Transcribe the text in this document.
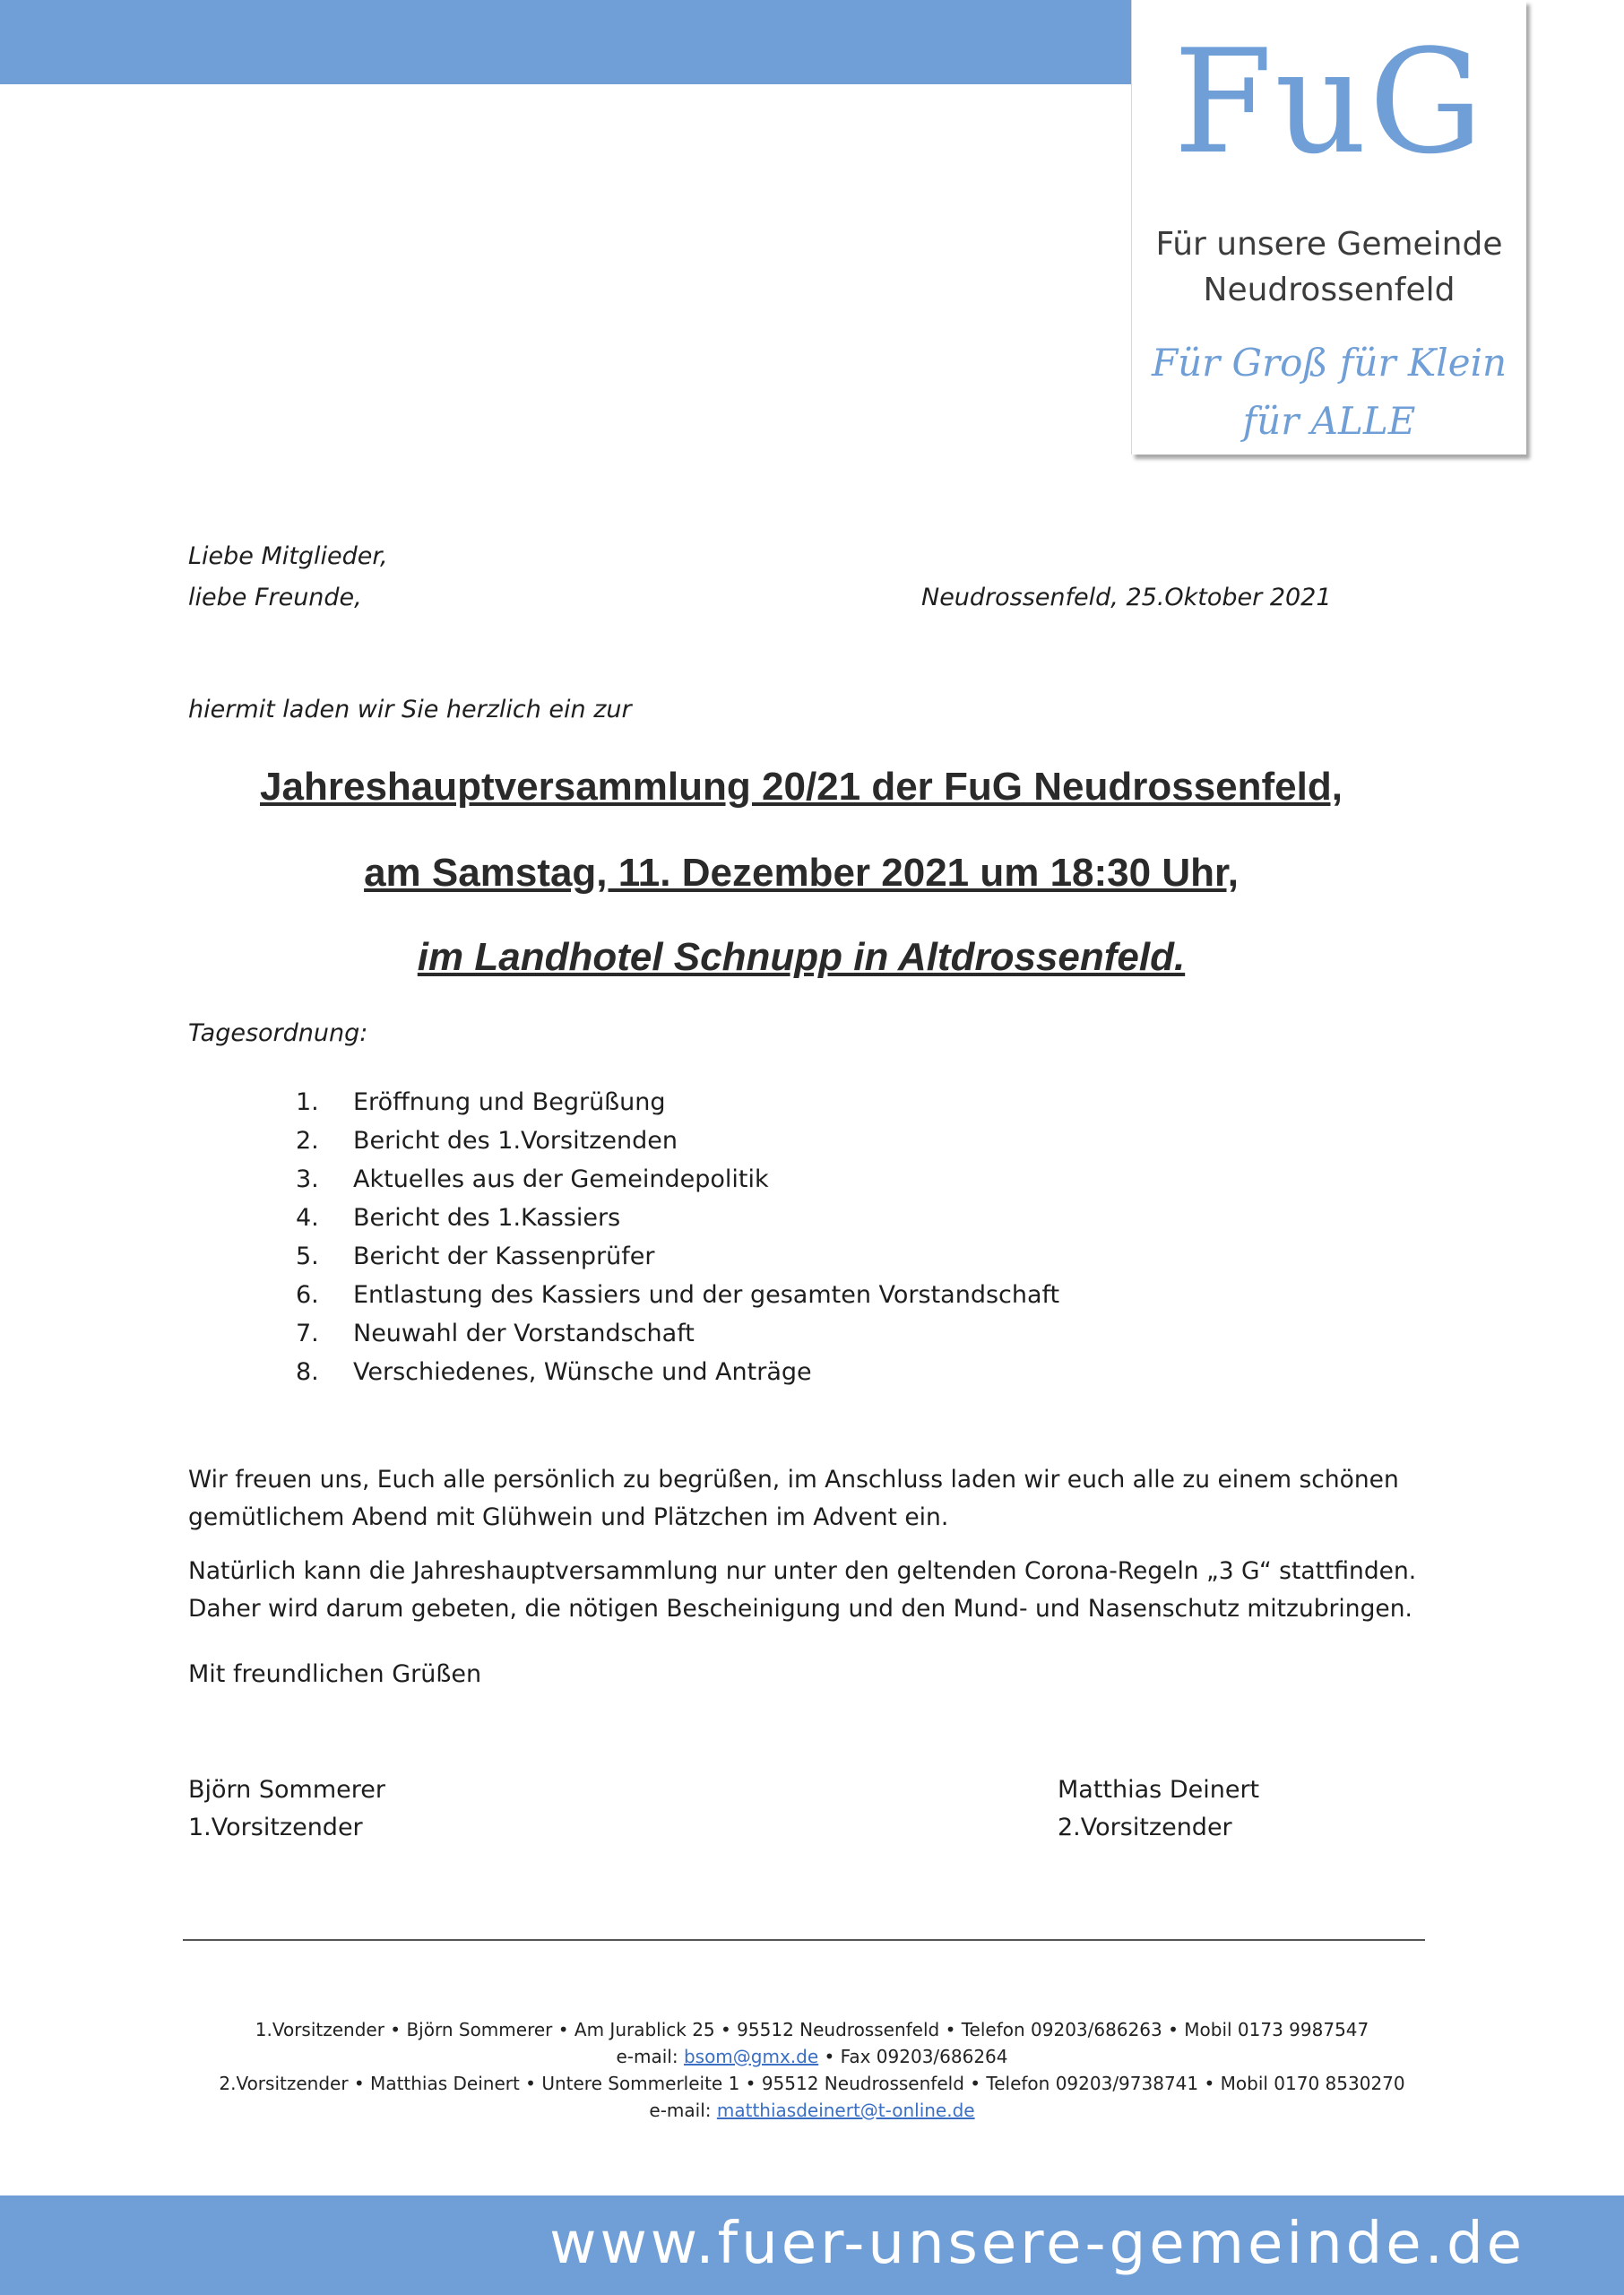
FuG
Für unsere Gemeinde
Neudrossenfeld
Für Groß für Klein
für ALLE
Liebe Mitglieder,
liebe Freunde,	Neudrossenfeld, 25.Oktober 2021
hiermit laden wir Sie herzlich ein zur
Jahreshauptversammlung 20/21 der FuG Neudrossenfeld,
am Samstag, 11. Dezember 2021 um 18:30 Uhr,
im Landhotel Schnupp in Altdrossenfeld.
Tagesordnung:
1. Eröffnung und Begrüßung
2. Bericht des 1.Vorsitzenden
3. Aktuelles aus der Gemeindepolitik
4. Bericht des 1.Kassiers
5. Bericht der Kassenprüfer
6. Entlastung des Kassiers und der gesamten Vorstandschaft
7. Neuwahl der Vorstandschaft
8. Verschiedenes, Wünsche und Anträge
Wir freuen uns, Euch alle persönlich zu begrüßen, im Anschluss laden wir euch alle zu einem schönen gemütlichem Abend mit Glühwein und Plätzchen im Advent ein.
Natürlich kann die Jahreshauptversammlung nur unter den geltenden Corona-Regeln „3 G“ stattfinden. Daher wird darum gebeten, die nötigen Bescheinigung und den Mund- und Nasenschutz mitzubringen.
Mit freundlichen Grüßen
Björn Sommerer
1.Vorsitzender
Matthias Deinert
2.Vorsitzender
1.Vorsitzender • Björn Sommerer • Am Jurablick 25 • 95512 Neudrossenfeld • Telefon 09203/686263 • Mobil 0173 9987547
e-mail: bsom@gmx.de • Fax 09203/686264
2.Vorsitzender • Matthias Deinert • Untere Sommerleite 1 • 95512 Neudrossenfeld • Telefon 09203/9738741 • Mobil 0170 8530270
e-mail: matthiasdeinert@t-online.de
www.fuer-unsere-gemeinde.de
